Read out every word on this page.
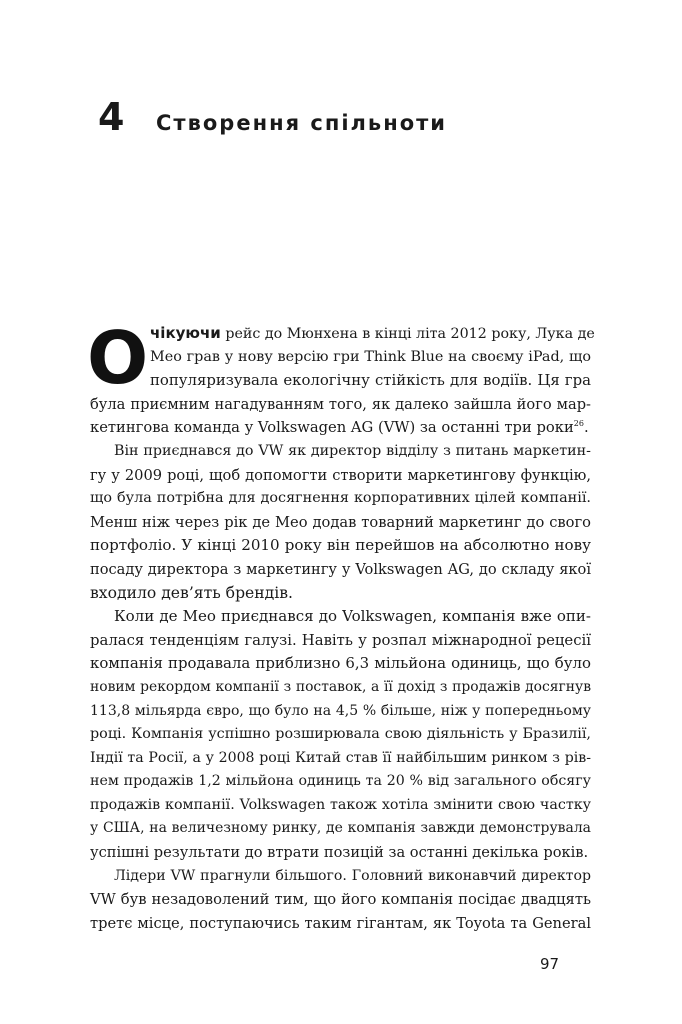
4	Створення спільноти
О чікуючи рейс до Мюнхена в кінці літа 2012 року, Лука де
Мео грав у нову версію гри Think Blue на своєму iPad, що
популяризувала екологічну стійкість для водіїв. Ця гра
була приємним нагадуванням того, як далеко зайшла його мар-
кетингова команда у Volkswagen AG (VW) за останні три роки$^{26}$.
Він приєднався до VW як директор відділу з питань маркетин-
гу у 2009 році, щоб допомогти створити маркетингову функцію,
що була потрібна для досягнення корпоративних цілей компанії.
Менш ніж через рік де Мео додав товарний маркетинг до свого
портфоліо. У кінці 2010 року він перейшов на абсолютно нову
посаду директора з маркетингу у Volkswagen AG, до складу якої
входило дев’ять брендів.
Коли де Мео приєднався до Volkswagen, компанія вже опи-
ралася тенденціям галузі. Навіть у розпал міжнародної рецесії
компанія продавала приблизно 6,3 мільйона одиниць, що було
новим рекордом компанії з поставок, а її дохід з продажів досягнув
113,8 мільярда євро, що було на 4,5 % більше, ніж у попередньому
році. Компанія успішно розширювала свою діяльність у Бразилії,
Індії та Росії, а у 2008 році Китай став її найбільшим ринком з рів-
нем продажів 1,2 мільйона одиниць та 20 % від загального обсягу
продажів компанії. Volkswagen також хотіла змінити свою частку
у США, на величезному ринку, де компанія завжди демонструвала
успішні результати до втрати позицій за останні декілька років.
Лідери VW прагнули більшого. Головний виконавчий директор
VW був незадоволений тим, що його компанія посідає двадцять
третє місце, поступаючись таким гігантам, як Toyota та General
97
